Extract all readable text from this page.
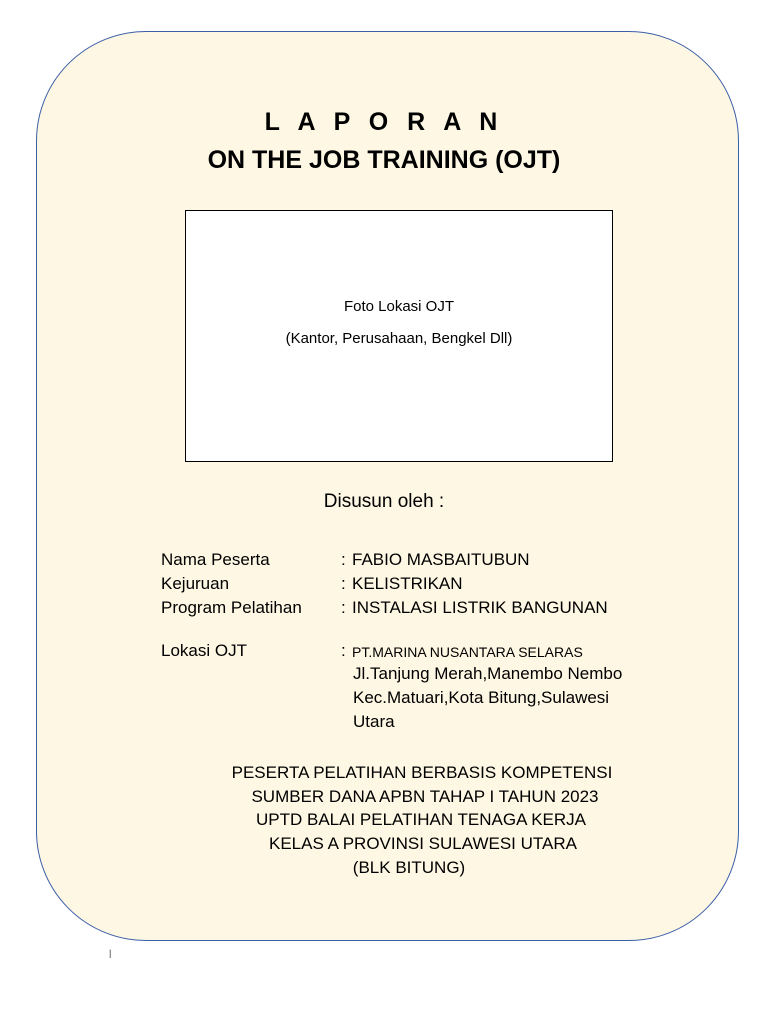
L A P O R A N
ON THE JOB TRAINING (OJT)
Foto Lokasi OJT
(Kantor, Perusahaan, Bengkel Dll)
Disusun oleh :
Nama Peserta	: FABIO MASBAITUBUN
Kejuruan	: KELISTRIKAN
Program Pelatihan : INSTALASI LISTRIK BANGUNAN
Lokasi OJT	: PT.MARINA NUSANTARA SELARAS
Jl.Tanjung Merah,Manembo Nembo
Kec.Matuari,Kota Bitung,Sulawesi
Utara
PESERTA PELATIHAN BERBASIS KOMPETENSI
SUMBER DANA APBN TAHAP I TAHUN 2023
UPTD BALAI PELATIHAN TENAGA KERJA
KELAS A PROVINSI SULAWESI UTARA
(BLK BITUNG)
|
